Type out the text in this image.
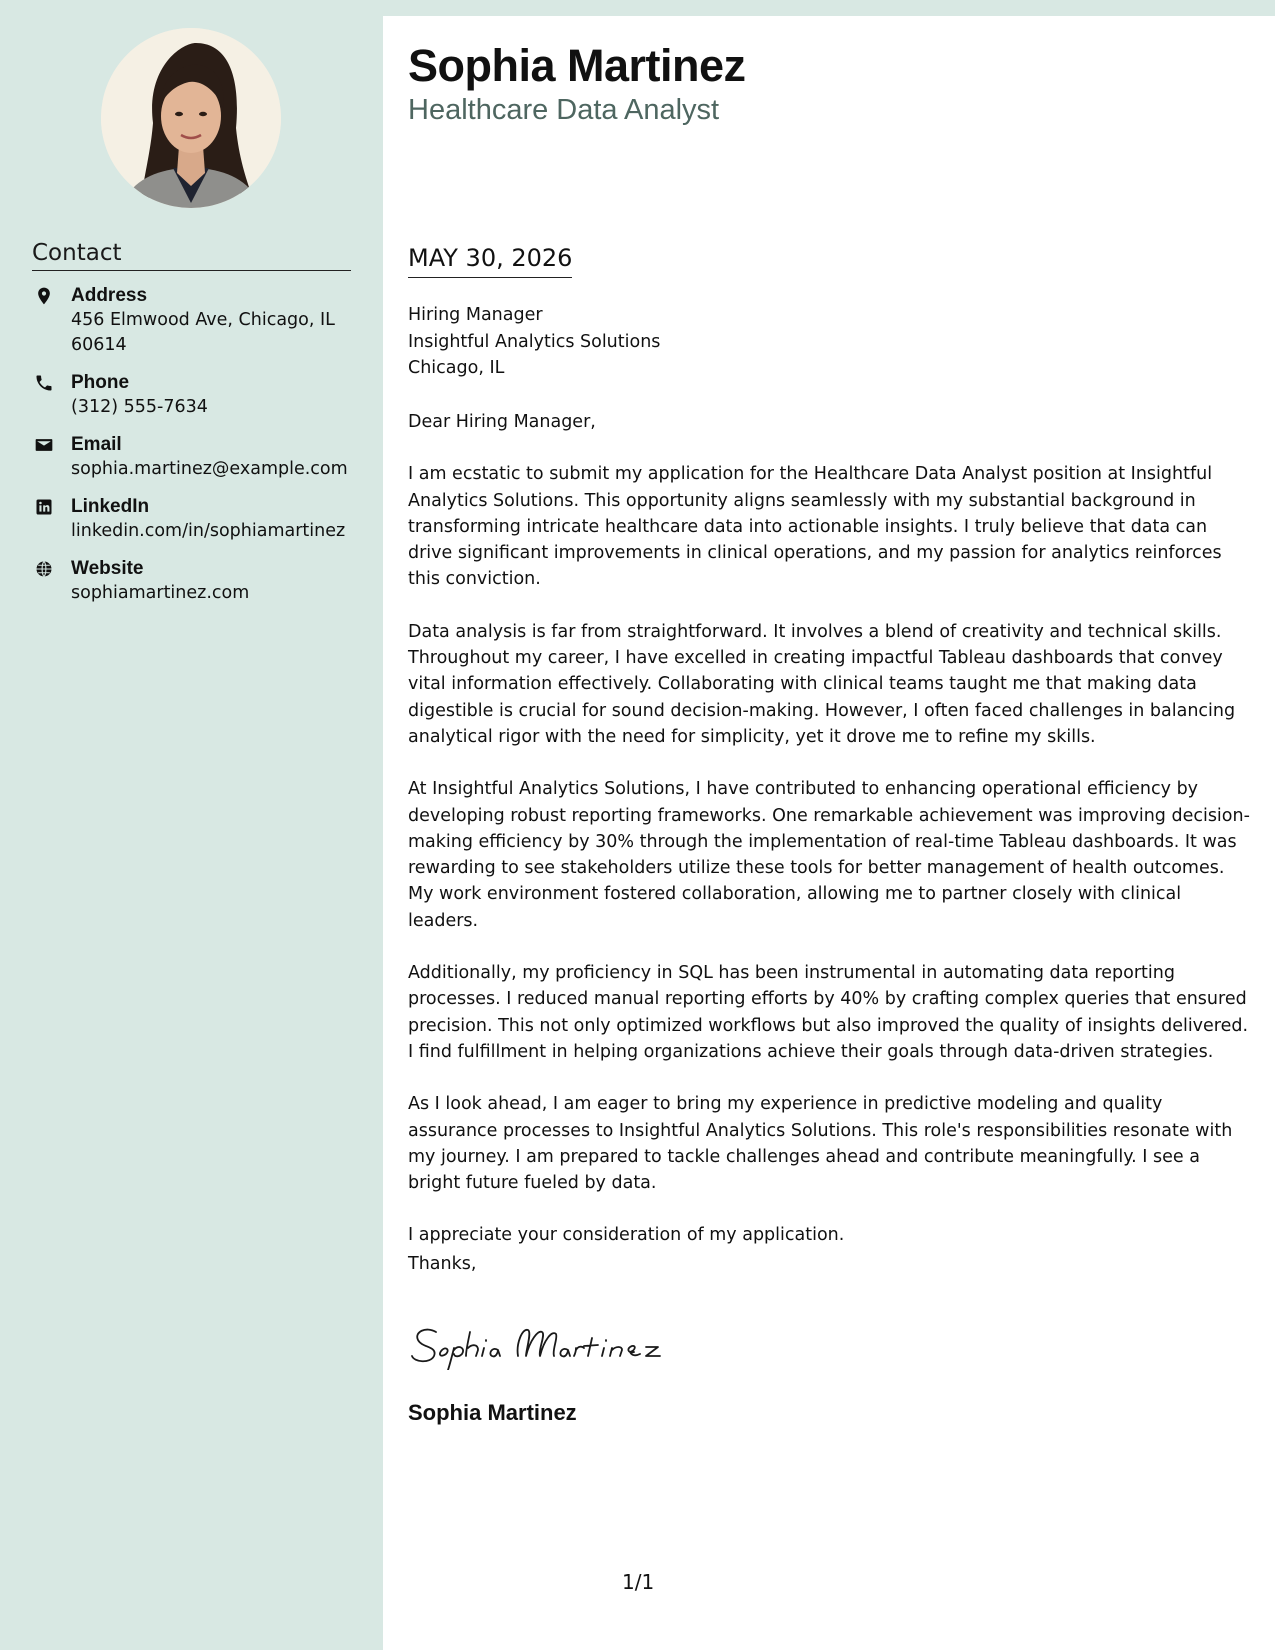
Contact
Address
456 Elmwood Ave, Chicago, IL 60614
Phone
(312) 555-7634
Email
sophia.martinez@example.com
LinkedIn
linkedin.com/in/sophiamartinez
Website
sophiamartinez.com
Sophia Martinez
Healthcare Data Analyst
MAY 30, 2026
Hiring Manager
Insightful Analytics Solutions
Chicago, IL
Dear Hiring Manager,

I am ecstatic to submit my application for the Healthcare Data Analyst position at Insightful Analytics Solutions. This opportunity aligns seamlessly with my substantial background in transforming intricate healthcare data into actionable insights. I truly believe that data can drive significant improvements in clinical operations, and my passion for analytics reinforces this conviction.

Data analysis is far from straightforward. It involves a blend of creativity and technical skills. Throughout my career, I have excelled in creating impactful Tableau dashboards that convey vital information effectively. Collaborating with clinical teams taught me that making data digestible is crucial for sound decision-making. However, I often faced challenges in balancing analytical rigor with the need for simplicity, yet it drove me to refine my skills.

At Insightful Analytics Solutions, I have contributed to enhancing operational efficiency by developing robust reporting frameworks. One remarkable achievement was improving decision-making efficiency by 30% through the implementation of real-time Tableau dashboards. It was rewarding to see stakeholders utilize these tools for better management of health outcomes. My work environment fostered collaboration, allowing me to partner closely with clinical leaders.

Additionally, my proficiency in SQL has been instrumental in automating data reporting processes. I reduced manual reporting efforts by 40% by crafting complex queries that ensured precision. This not only optimized workflows but also improved the quality of insights delivered. I find fulfillment in helping organizations achieve their goals through data-driven strategies.

As I look ahead, I am eager to bring my experience in predictive modeling and quality assurance processes to Insightful Analytics Solutions. This role's responsibilities resonate with my journey. I am prepared to tackle challenges ahead and contribute meaningfully. I see a bright future fueled by data.

I appreciate your consideration of my application.

Thanks,
Sophia Martinez
1/1
